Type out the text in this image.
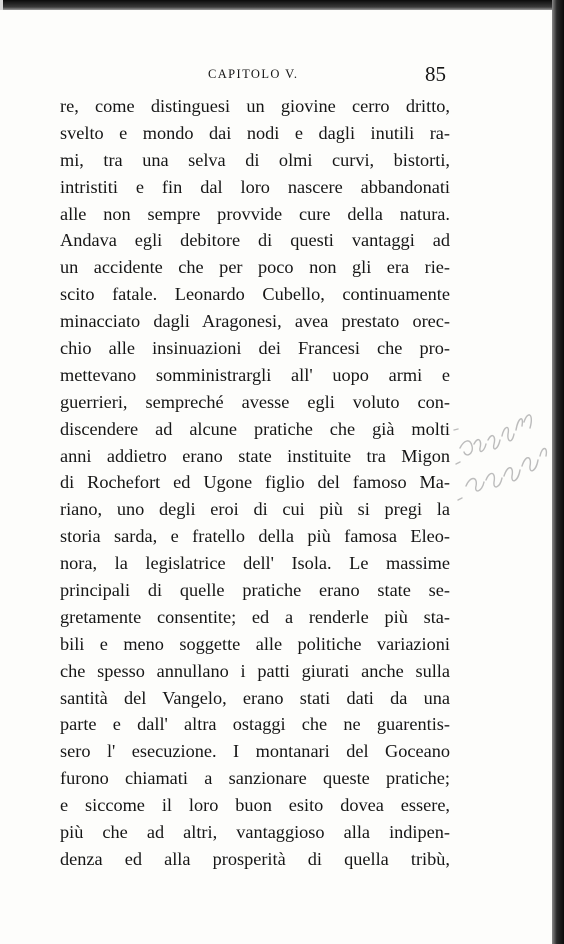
CAPITOLO V.	85
re, come distinguesi un giovine cerro dritto,
svelto e mondo dai nodi e dagli inutili ra-
mi, tra una selva di olmi curvi, bistorti,
intristiti e fin dal loro nascere abbandonati
alle non sempre provvide cure della natura.
Andava egli debitore di questi vantaggi ad
un accidente che per poco non gli era rie-
scito fatale. Leonardo Cubello, continuamente
minacciato dagli Aragonesi, avea prestato orec-
chio alle insinuazioni dei Francesi che pro-
mettevano somministrargli all' uopo armi e
guerrieri, sempreché avesse egli voluto con-
discendere ad alcune pratiche che già molti
anni addietro erano state instituite tra Migon
di Rochefort ed Ugone figlio del famoso Ma-
riano, uno degli eroi di cui più si pregi la
storia sarda, e fratello della più famosa Eleo-
nora, la legislatrice dell' Isola. Le massime
principali di quelle pratiche erano state se-
gretamente consentite; ed a renderle più sta-
bili e meno soggette alle politiche variazioni
che spesso annullano i patti giurati anche sulla
santità del Vangelo, erano stati dati da una
parte e dall' altra ostaggi che ne guarentis-
sero l' esecuzione. I montanari del Goceano
furono chiamati a sanzionare queste pratiche;
e siccome il loro buon esito dovea essere,
più che ad altri, vantaggioso alla indipen-
denza ed alla prosperità di quella tribù,
